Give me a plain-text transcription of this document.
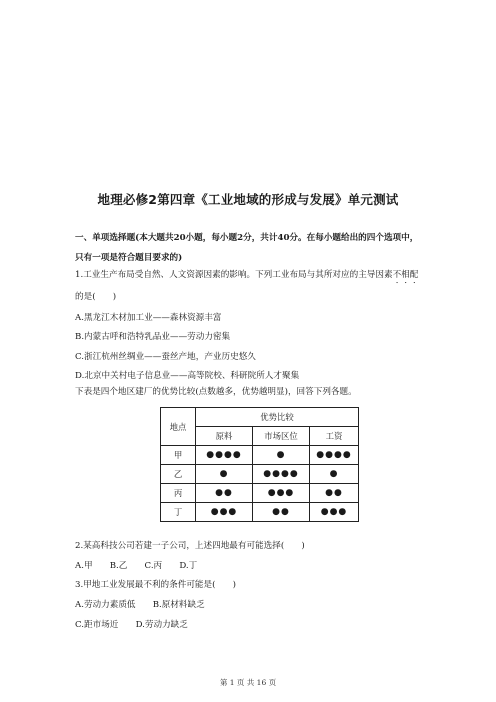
地理必修2第四章《工业地域的形成与发展》单元测试
一、单项选择题(本大题共20小题，每小题2分，共计40分。在每小题给出的四个选项中，
只有一项是符合题目要求的)
1.工业生产布局受自然、人文资源因素的影响。下列工业布局与其所对应的主导因素不相配
的是(　　)
A.黑龙江木材加工业——森林资源丰富
B.内蒙古呼和浩特乳品业——劳动力密集
C.浙江杭州丝绸业——蚕丝产地，产业历史悠久
D.北京中关村电子信息业——高等院校、科研院所人才聚集
下表是四个地区建厂的优势比较(点数越多，优势越明显)，回答下列各题。
地点	优势比较		
	原料	市场区位	工资
甲	●●●●	●	●●●●
乙	●	●●●●	●
丙	●●	●●●	●●
丁	●●●	●●	●●●
2.某高科技公司若建一子公司，上述四地最有可能选择(　　)
A.甲　　B.乙　　C.丙　　D.丁
3.甲地工业发展最不利的条件可能是(　　)
A.劳动力素质低　　B.原材料缺乏
C.距市场近　　D.劳动力缺乏
第 1 页 共 16 页
